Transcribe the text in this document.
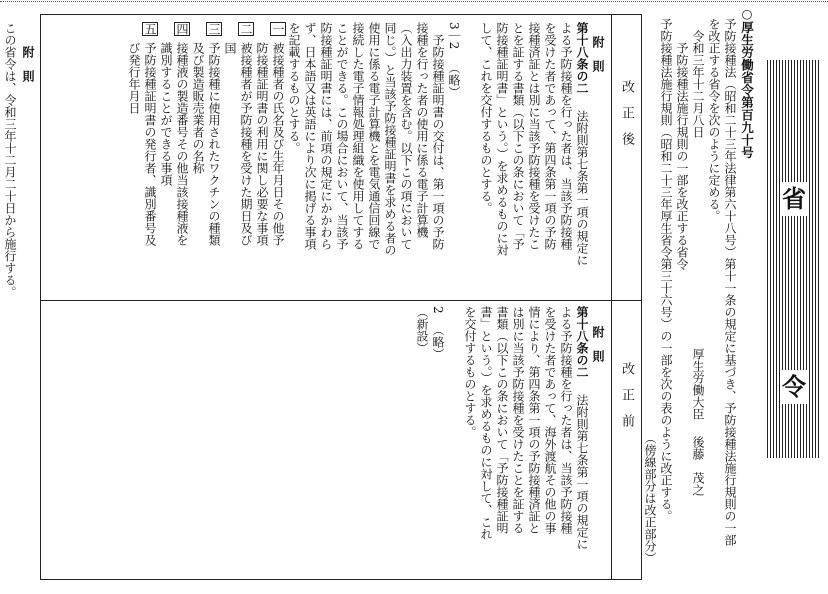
省
令
○厚生労働省令第百九十号
予防接種法（昭和二十三年法律第六十八号）第十一条の規定に基づき、予防接種法施行規則の一部
を改正する省令を次のように定める。
令和三年十二月八日
厚生労働大臣
後藤　茂之
予防接種法施行規則の一部を改正する省令
予防接種法施行規則（昭和二十三年厚生省令第三十六号）の一部を次の表のように改正する。
（傍線部分は改正部分）
改　正　後
改　正　前
附　則
第十八条の二
法附則第七条第一項の規定に
よる予防接種を行った者は、当該予防接種
を受けた者であって、第四条第一項の予防
接種済証とは別に当該予防接種を受けたこ
とを証する書類（以下この条において「予
防接種証明書」という。）を求めるものに対
して、これを交付するものとする。
3｜2
（略）
予防接種証明書の交付は、第一項の予防
接種を行った者の使用に係る電子計算機
（入出力装置を含む。以下この項において
同じ。）と当該予防接種証明書を求める者の
使用に係る電子計算機とを電気通信回線で
接続した電子情報処理組織を使用してする
ことができる。この場合において、当該予
防接種証明書には、前項の規定にかかわら
ず、日本語又は英語により次に掲げる事項
を記載するものとする。
一
被接種者の氏名及び生年月日その他予
防接種証明書の利用に関し必要な事項
二
被接種者が予防接種を受けた期日及び
国
三
予防接種に使用されたワクチンの種類
及び製造販売業者の名称
四
接種液の製造番号その他当該接種液を
識別することができる事項
五
予防接種証明書の発行者、識別番号及
び発行年月日
附　則
第十八条の二
法附則第七条第一項の規定に
よる予防接種を行った者は、当該予防接種
を受けた者であって、海外渡航その他の事
情により、第四条第一項の予防接種済証と
は別に当該予防接種を受けたことを証する
書類（以下この条において「予防接種証明
書」という。）を求めるものに対して、これ
を交付するものとする。
2
（略）
（新設）
附　則
この省令は、令和三年十二月二十日から施行する。
